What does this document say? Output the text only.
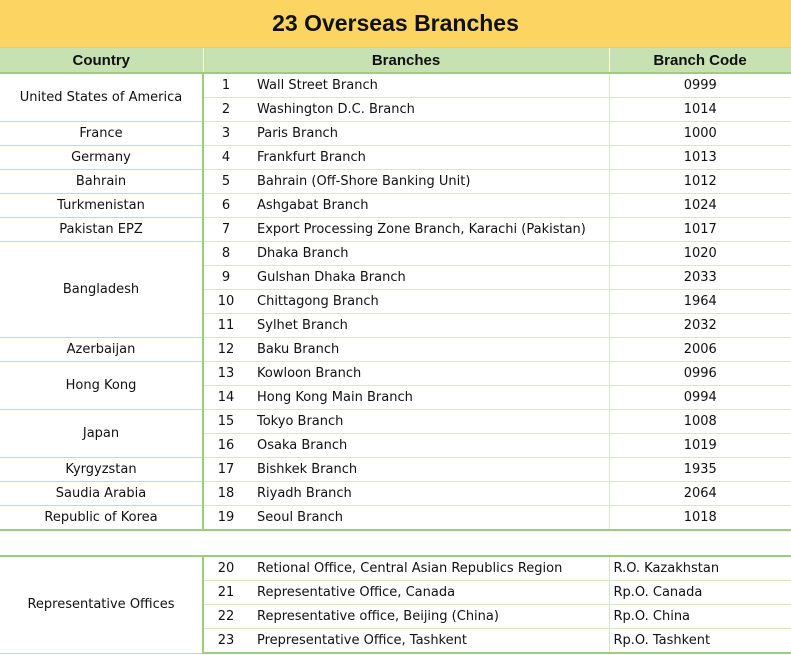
23 Overseas Branches
Country	Branches		Branch Code
United States of America	1	Wall Street Branch	0999
	2	Washington D.C. Branch	1014
France	3	Paris Branch	1000
Germany	4	Frankfurt Branch	1013
Bahrain	5	Bahrain (Off-Shore Banking Unit)	1012
Turkmenistan	6	Ashgabat Branch	1024
Pakistan EPZ	7	Export Processing Zone Branch, Karachi (Pakistan)	1017
Bangladesh	8	Dhaka Branch	1020
	9	Gulshan Dhaka Branch	2033
	10	Chittagong Branch	1964
	11	Sylhet Branch	2032
Azerbaijan	12	Baku Branch	2006
Hong Kong	13	Kowloon Branch	0996
	14	Hong Kong Main Branch	0994
Japan	15	Tokyo Branch	1008
	16	Osaka Branch	1019
Kyrgyzstan	17	Bishkek Branch	1935
Saudia Arabia	18	Riyadh Branch	2064
Republic of Korea	19	Seoul Branch	1018

Representative Offices	20	Retional Office, Central Asian Republics Region	R.O. Kazakhstan
	21	Representative Office, Canada	Rp.O. Canada
	22	Representative office, Beijing (China)	Rp.O. China
	23	Prepresentative Office, Tashkent	Rp.O. Tashkent
